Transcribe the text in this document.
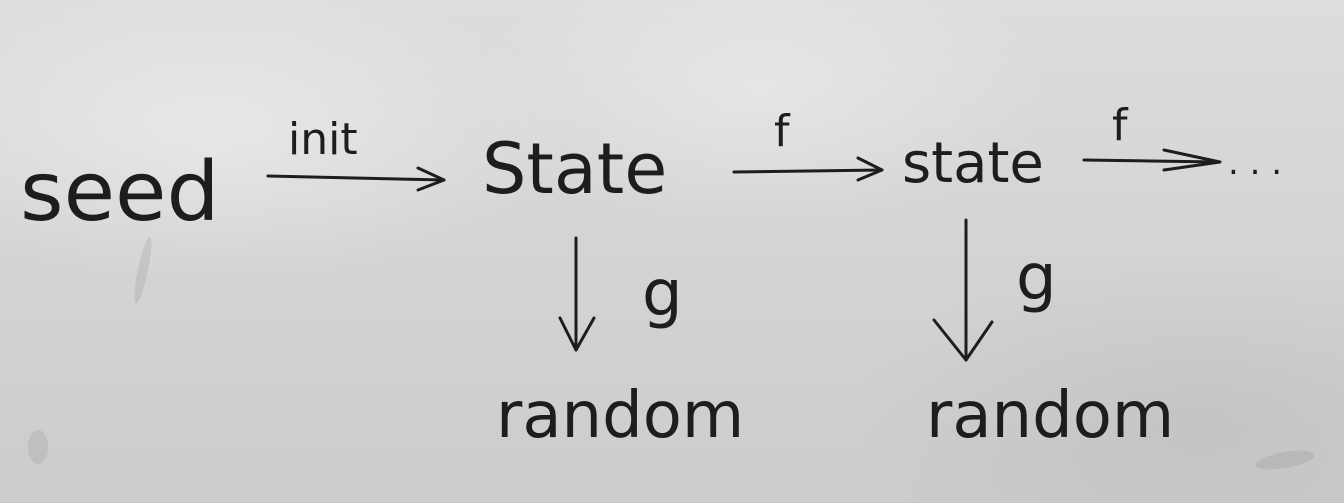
seed
init State f state
f
. . .
g
random
g
random
